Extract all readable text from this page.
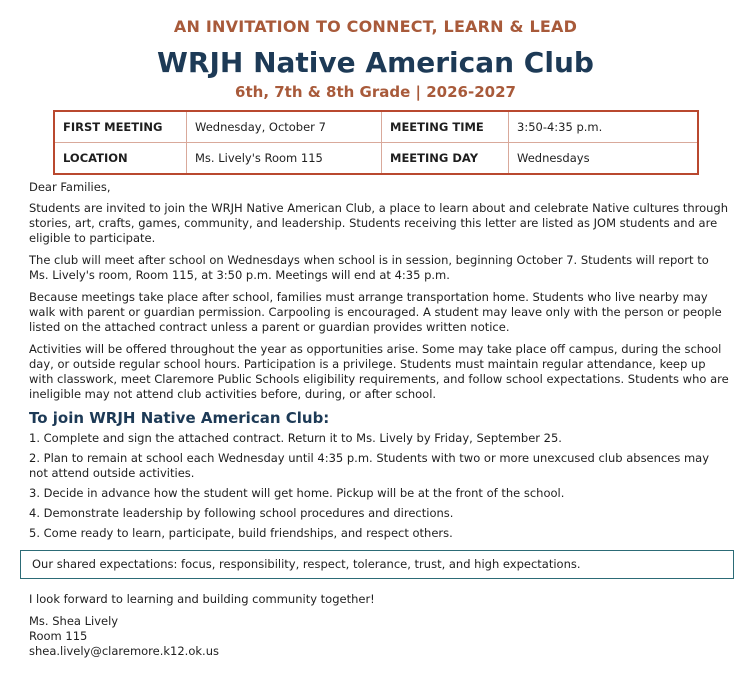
AN INVITATION TO CONNECT, LEARN & LEAD
WRJH Native American Club
6th, 7th & 8th Grade | 2026-2027
FIRST MEETING	Wednesday, October 7	MEETING TIME	3:50-4:35 p.m.
LOCATION	Ms. Lively's Room 115	MEETING DAY	Wednesdays

Dear Families,

Students are invited to join the WRJH Native American Club, a place to learn about and celebrate Native cultures through stories, art, crafts, games, community, and leadership. Students receiving this letter are listed as JOM students and are eligible to participate.

The club will meet after school on Wednesdays when school is in session, beginning October 7. Students will report to Ms. Lively's room, Room 115, at 3:50 p.m. Meetings will end at 4:35 p.m.

Because meetings take place after school, families must arrange transportation home. Students who live nearby may walk with parent or guardian permission. Carpooling is encouraged. A student may leave only with the person or people listed on the attached contract unless a parent or guardian provides written notice.

Activities will be offered throughout the year as opportunities arise. Some may take place off campus, during the school day, or outside regular school hours. Participation is a privilege. Students must maintain regular attendance, keep up with classwork, meet Claremore Public Schools eligibility requirements, and follow school expectations. Students who are ineligible may not attend club activities before, during, or after school.

To join WRJH Native American Club:
1. Complete and sign the attached contract. Return it to Ms. Lively by Friday, September 25.
2. Plan to remain at school each Wednesday until 4:35 p.m. Students with two or more unexcused club absences may not attend outside activities.
3. Decide in advance how the student will get home. Pickup will be at the front of the school.
4. Demonstrate leadership by following school procedures and directions.
5. Come ready to learn, participate, build friendships, and respect others.
Our shared expectations: focus, responsibility, respect, tolerance, trust, and high expectations.
I look forward to learning and building community together!
Ms. Shea Lively
Room 115
shea.lively@claremore.k12.ok.us
